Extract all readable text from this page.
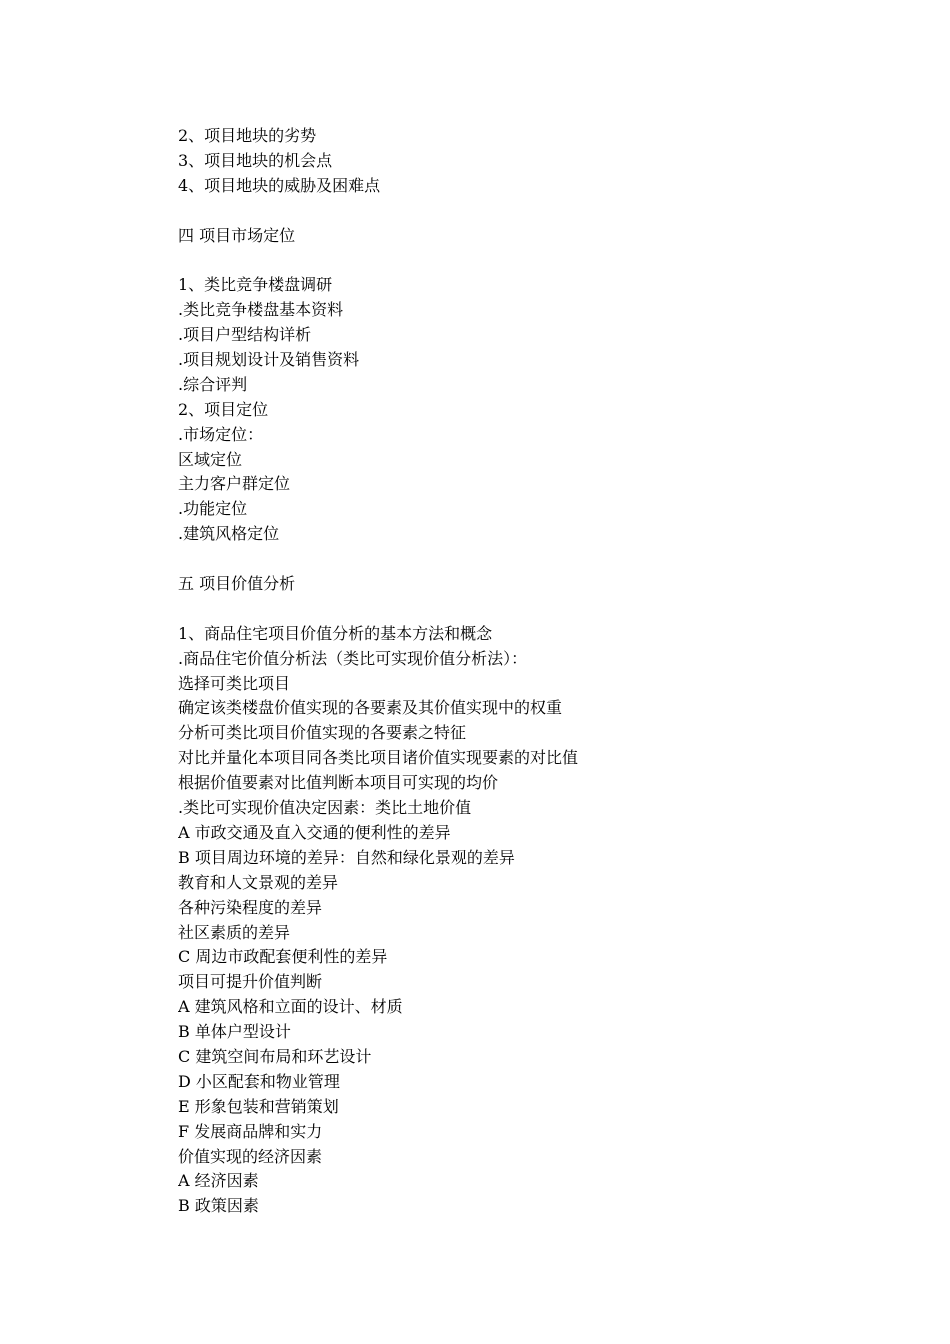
2、项目地块的劣势
3、项目地块的机会点
4、项目地块的威胁及困难点
四 项目市场定位
1、类比竞争楼盘调研
.类比竞争楼盘基本资料
.项目户型结构详析
.项目规划设计及销售资料
.综合评判
2、项目定位
.市场定位：
区域定位
主力客户群定位
.功能定位
.建筑风格定位
五 项目价值分析
1、商品住宅项目价值分析的基本方法和概念
.商品住宅价值分析法（类比可实现价值分析法）：
选择可类比项目
确定该类楼盘价值实现的各要素及其价值实现中的权重
分析可类比项目价值实现的各要素之特征
对比并量化本项目同各类比项目诸价值实现要素的对比值
根据价值要素对比值判断本项目可实现的均价
.类比可实现价值决定因素：类比土地价值
A 市政交通及直入交通的便利性的差异
B 项目周边环境的差异：自然和绿化景观的差异
教育和人文景观的差异
各种污染程度的差异
社区素质的差异
C 周边市政配套便利性的差异
项目可提升价值判断
A 建筑风格和立面的设计、材质
B 单体户型设计
C 建筑空间布局和环艺设计
D 小区配套和物业管理
E 形象包装和营销策划
F 发展商品牌和实力
价值实现的经济因素
A 经济因素
B 政策因素
